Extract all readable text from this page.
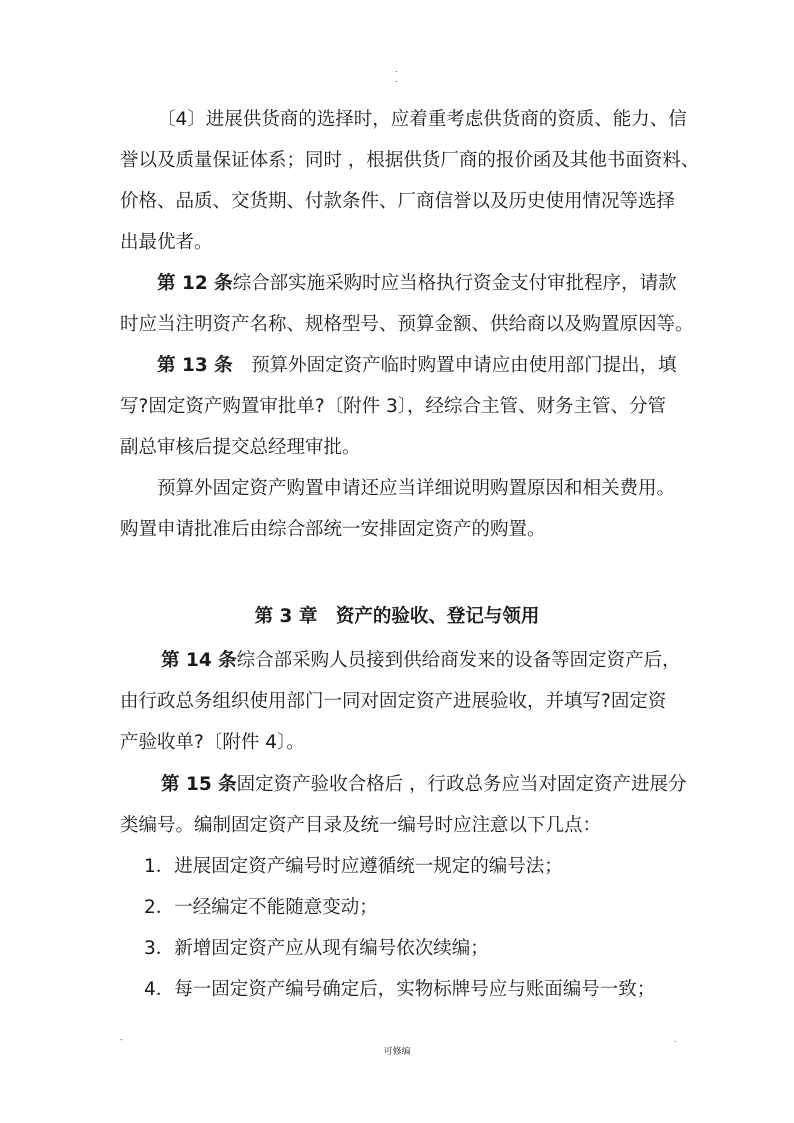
.
.
〔4〕进展供货商的选择时，应着重考虑供货商的资质、能力、信
誉以及质量保证体系；同时 ，根据供货厂商的报价函及其他书面资料、
价格、品质、交货期、付款条件、厂商信誉以及历史使用情况等选择
出最优者。
第 12 条综合部实施采购时应当格执行资金支付审批程序，请款
时应当注明资产名称、规格型号、预算金额、供给商以及购置原因等。
第 13 条　预算外固定资产临时购置申请应由使用部门提出，填
写?固定资产购置审批单?〔附件 3〕，经综合主管、财务主管、分管
副总审核后提交总经理审批。
预算外固定资产购置申请还应当详细说明购置原因和相关费用。
购置申请批准后由综合部统一安排固定资产的购置。
第 3 章　资产的验收、登记与领用
第 14 条综合部采购人员接到供给商发来的设备等固定资产后，
由行政总务组织使用部门一同对固定资产进展验收，并填写?固定资
产验收单?〔附件 4〕。
第 15 条固定资产验收合格后 ，行政总务应当对固定资产进展分
类编号。编制固定资产目录及统一编号时应注意以下几点：
1．进展固定资产编号时应遵循统一规定的编号法；
2．一经编定不能随意变动；
3．新增固定资产应从现有编号依次续编；
4．每一固定资产编号确定后，实物标牌号应与账面编号一致；
-	.
可修编
